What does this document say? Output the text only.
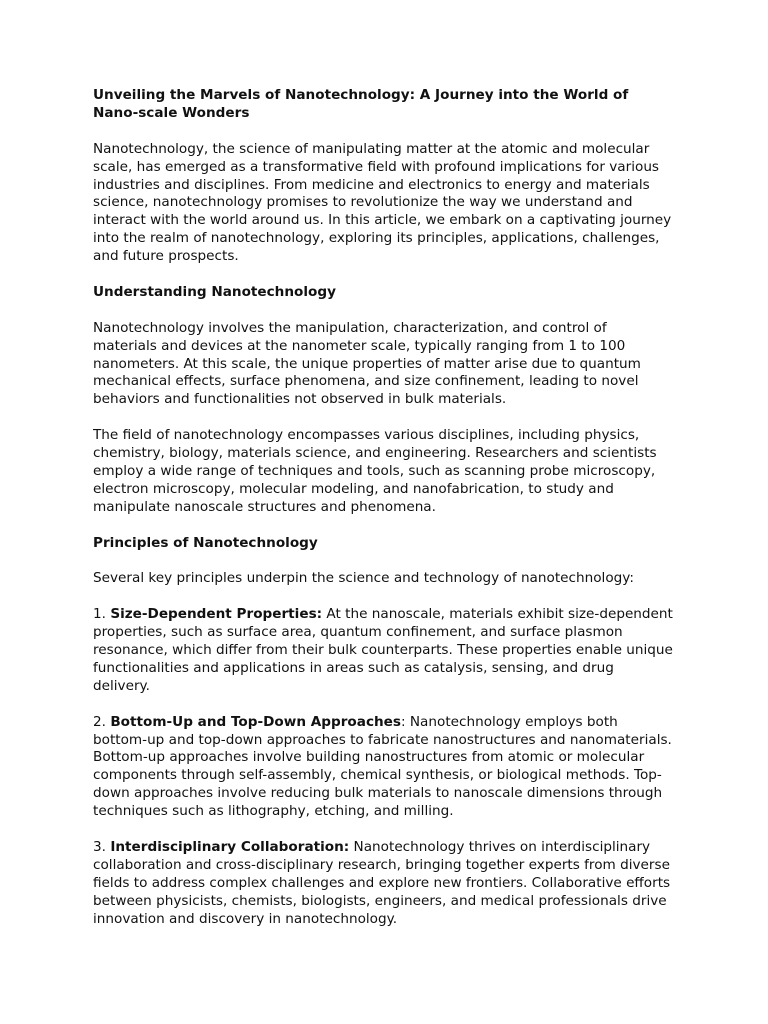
Unveiling the Marvels of Nanotechnology: A Journey into the World of Nano-scale Wonders

Nanotechnology, the science of manipulating matter at the atomic and molecular scale, has emerged as a transformative field with profound implications for various industries and disciplines. From medicine and electronics to energy and materials science, nanotechnology promises to revolutionize the way we understand and interact with the world around us. In this article, we embark on a captivating journey into the realm of nanotechnology, exploring its principles, applications, challenges, and future prospects.

Understanding Nanotechnology

Nanotechnology involves the manipulation, characterization, and control of materials and devices at the nanometer scale, typically ranging from 1 to 100 nanometers. At this scale, the unique properties of matter arise due to quantum mechanical effects, surface phenomena, and size confinement, leading to novel behaviors and functionalities not observed in bulk materials.

The field of nanotechnology encompasses various disciplines, including physics, chemistry, biology, materials science, and engineering. Researchers and scientists employ a wide range of techniques and tools, such as scanning probe microscopy, electron microscopy, molecular modeling, and nanofabrication, to study and manipulate nanoscale structures and phenomena.

Principles of Nanotechnology

Several key principles underpin the science and technology of nanotechnology:

1. Size-Dependent Properties: At the nanoscale, materials exhibit size-dependent properties, such as surface area, quantum confinement, and surface plasmon resonance, which differ from their bulk counterparts. These properties enable unique functionalities and applications in areas such as catalysis, sensing, and drug delivery.

2. Bottom-Up and Top-Down Approaches: Nanotechnology employs both bottom-up and top-down approaches to fabricate nanostructures and nanomaterials. Bottom-up approaches involve building nanostructures from atomic or molecular components through self-assembly, chemical synthesis, or biological methods. Top-down approaches involve reducing bulk materials to nanoscale dimensions through techniques such as lithography, etching, and milling.

3. Interdisciplinary Collaboration: Nanotechnology thrives on interdisciplinary collaboration and cross-disciplinary research, bringing together experts from diverse fields to address complex challenges and explore new frontiers. Collaborative efforts between physicists, chemists, biologists, engineers, and medical professionals drive innovation and discovery in nanotechnology.
